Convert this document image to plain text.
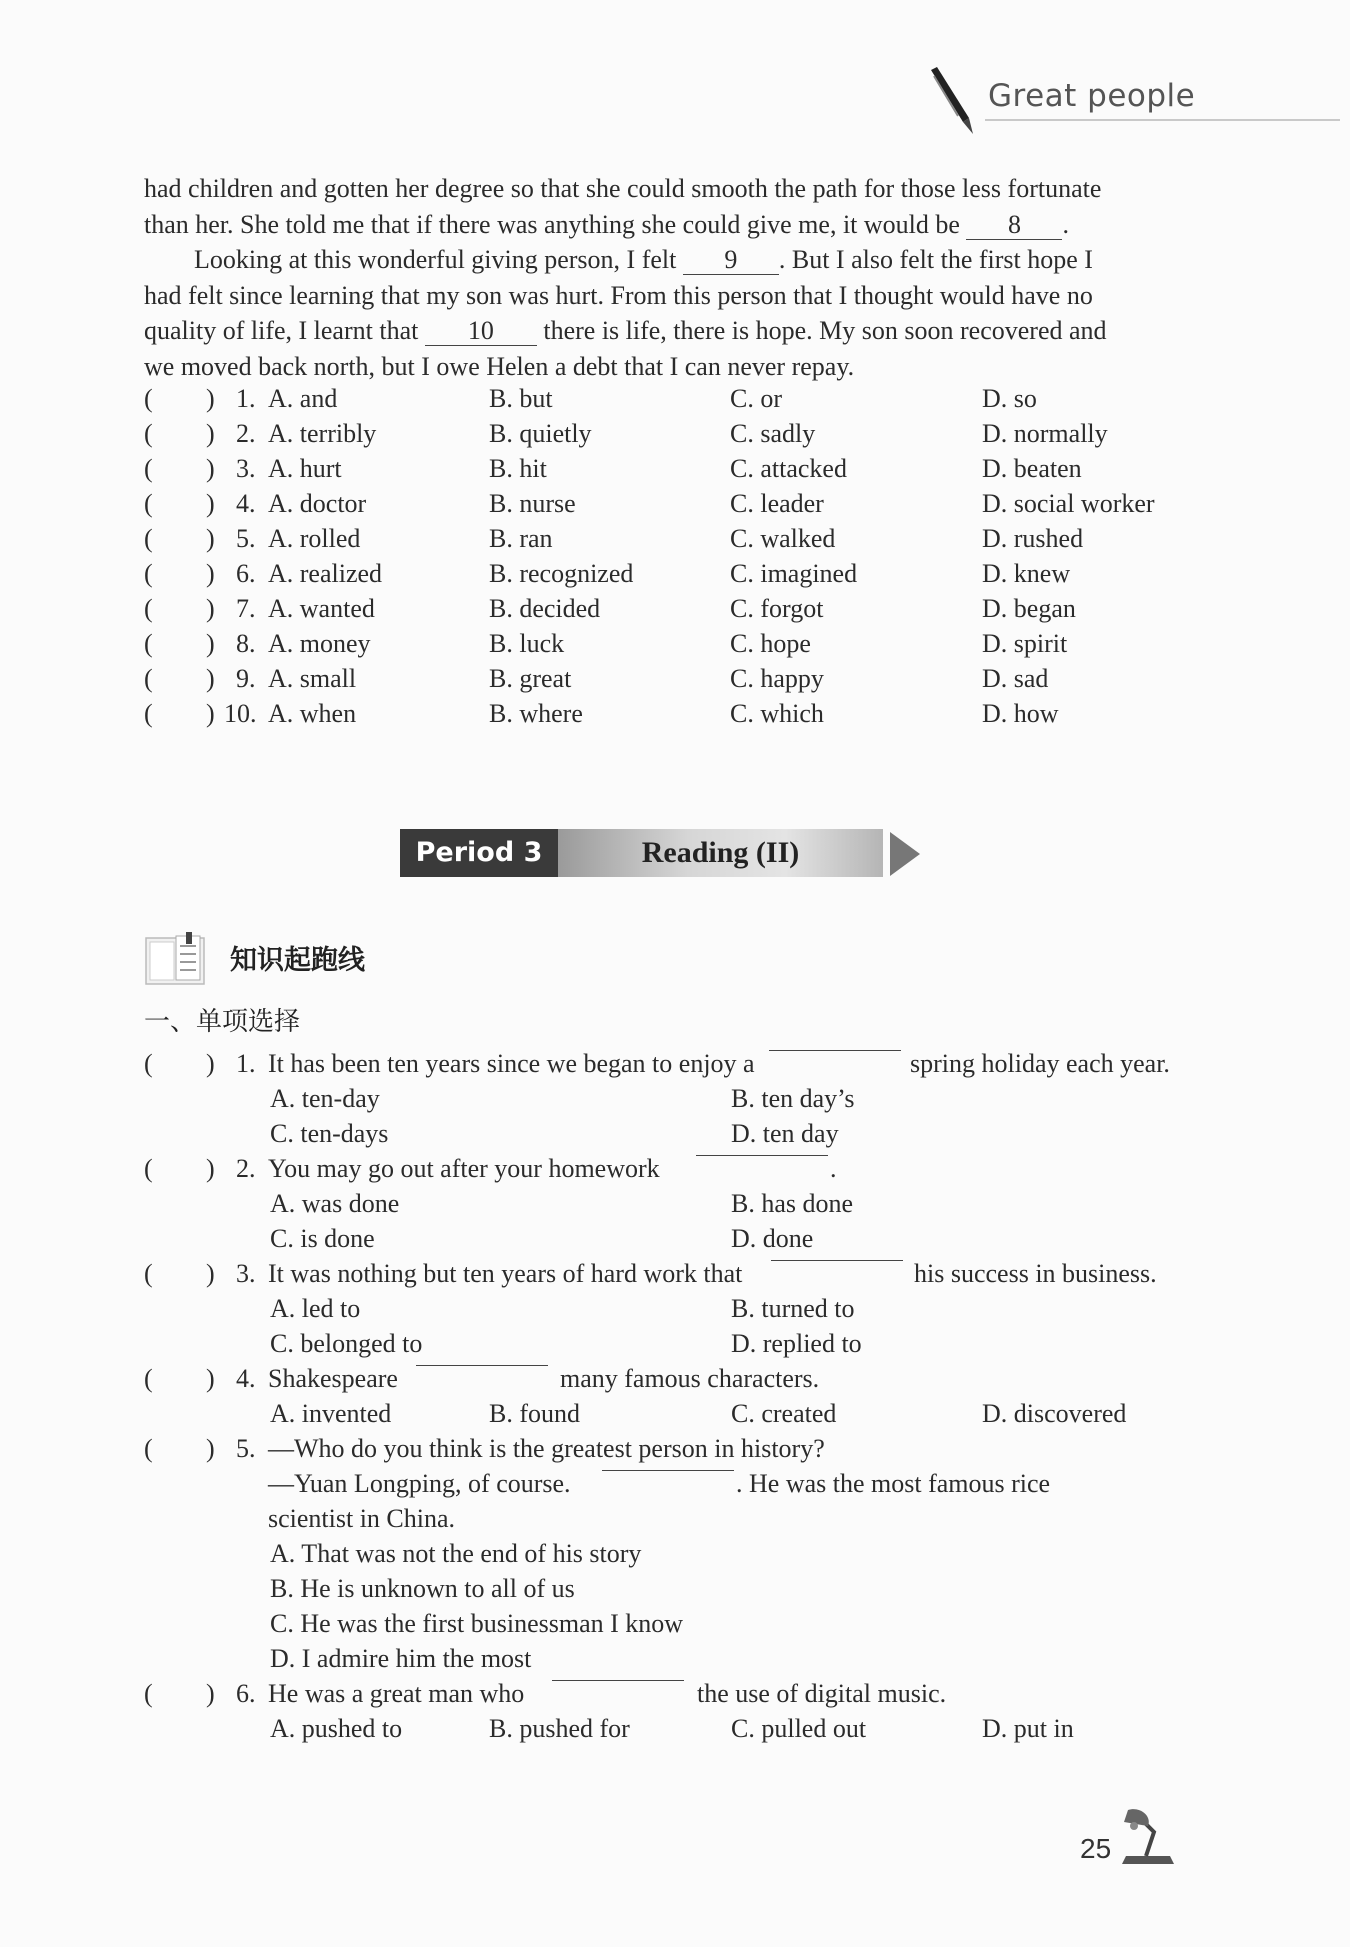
Great people
had children and gotten her degree so that she could smooth the path for those less fortunate
than her. She told me that if there was anything she could give me, it would be 8 .
Looking at this wonderful giving person, I felt 9 . But I also felt the first hope I
had felt since learning that my son was hurt. From this person that I thought would have no
quality of life, I learnt that 10 there is life, there is hope. My son soon recovered and
we moved back north, but I owe Helen a debt that I can never repay.
( ) 1. A. and	B. but	C. or	D. so
( ) 2. A. terribly	B. quietly	C. sadly	D. normally
( ) 3. A. hurt	B. hit	C. attacked	D. beaten
( ) 4. A. doctor	B. nurse	C. leader	D. social worker
( ) 5. A. rolled	B. ran	C. walked	D. rushed
( ) 6. A. realized	B. recognized	C. imagined	D. knew
( ) 7. A. wanted	B. decided	C. forgot	D. began
( ) 8. A. money	B. luck	C. hope	D. spirit
( ) 9. A. small	B. great	C. happy	D. sad
( ) 10. A. when	B. where	C. which	D. how
Period 3	Reading (II)
知识起跑线
一、单项选择
( ) 1. It has been ten years since we began to enjoy a	spring holiday each year.
A. ten-day	B. ten day’s
C. ten-days	D. ten day
( ) 2. You may go out after your homework	.
A. was done	B. has done
C. is done	D. done
( ) 3. It was nothing but ten years of hard work that	his success in business.
A. led to	B. turned to
C. belonged to	D. replied to
( ) 4. Shakespeare	many famous characters.
A. invented	B. found	C. created	D. discovered
( ) 5. —Who do you think is the greatest person in history?
—Yuan Longping, of course.	. He was the most famous rice
scientist in China.
A. That was not the end of his story
B. He is unknown to all of us
C. He was the first businessman I know
D. I admire him the most
( ) 6. He was a great man who	the use of digital music.
A. pushed to	B. pushed for	C. pulled out	D. put in
25
